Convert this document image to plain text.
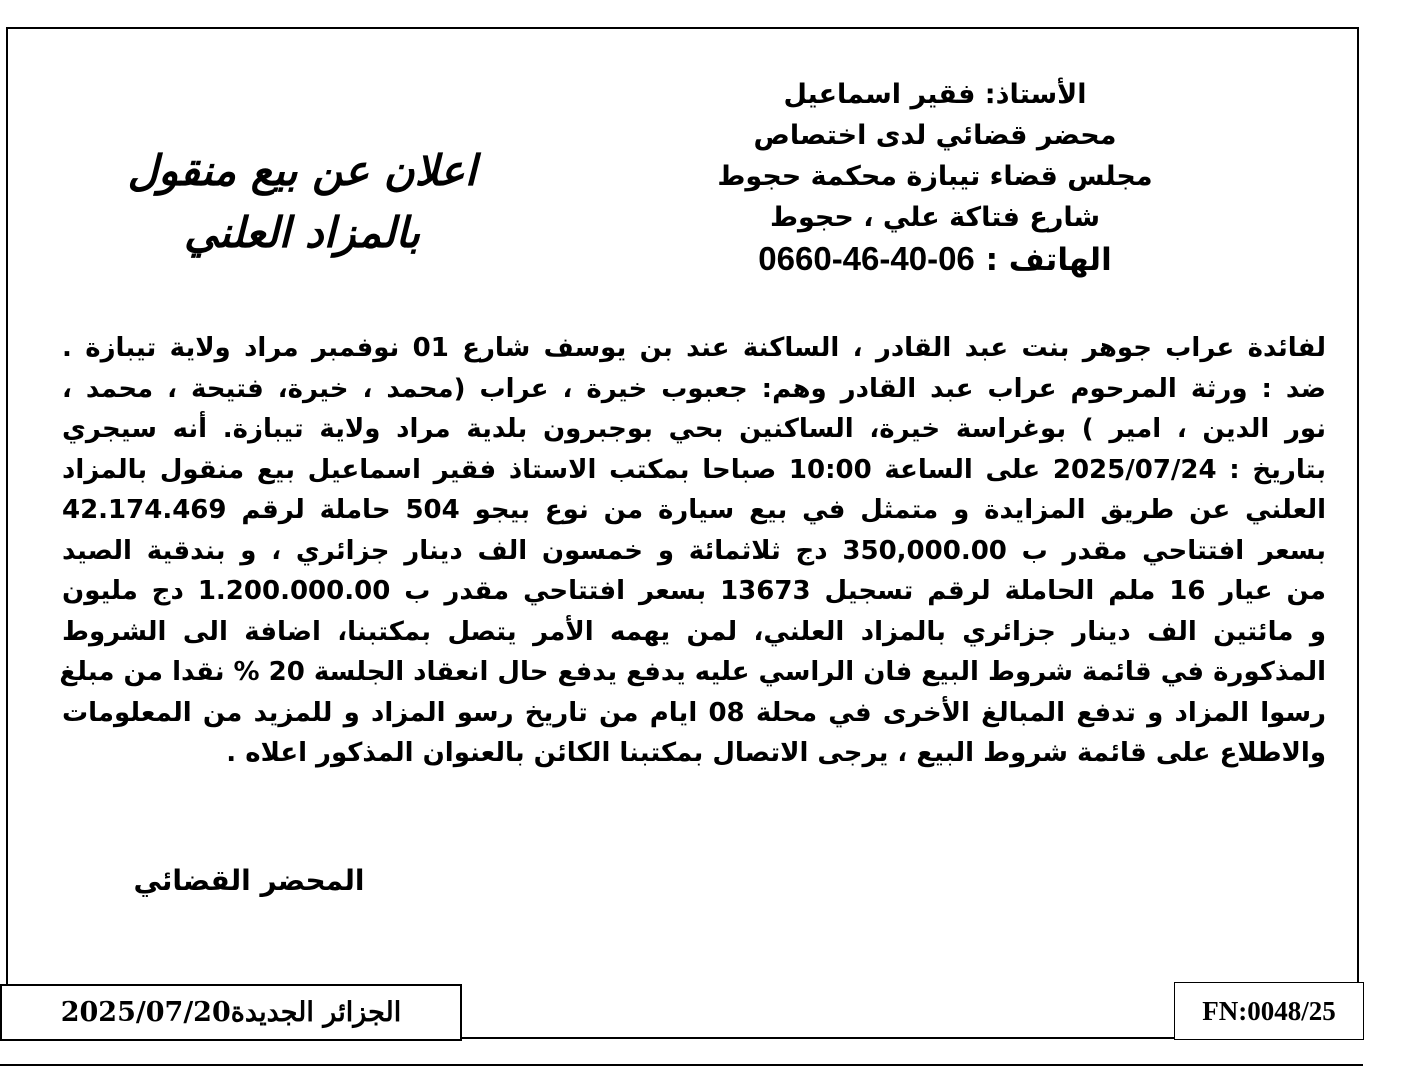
الأستاذ: فقير اسماعيل
محضر قضائي لدى اختصاص
مجلس قضاء تيبازة محكمة حجوط
شارع فتاكة علي ، حجوط
الهاتف : 0660-46-40-06
اعلان عن بيع منقول
بالمزاد العلني
لفائدة عراب جوهر بنت عبد القادر ، الساكنة عند بن يوسف شارع 01 نوفمبر مراد ولاية تيبازة .
ضد : ورثة المرحوم عراب عبد القادر وهم: جعبوب خيرة ، عراب (محمد ، خيرة، فتيحة ، محمد ،
نور الدين ، امير ) بوغراسة خيرة، الساكنين بحي بوجبرون بلدية مراد ولاية تيبازة. أنه سيجري
بتاريخ : 2025/07/24 على الساعة 10:00 صباحا بمكتب الاستاذ فقير اسماعيل بيع منقول بالمزاد
العلني عن طريق المزايدة و متمثل في بيع سيارة من نوع بيجو 504 حاملة لرقم 42.174.469
بسعر افتتاحي مقدر ب 350,000.00 دج ثلاثمائة و خمسون الف دينار جزائري ، و بندقية الصيد
من عيار 16 ملم الحاملة لرقم تسجيل 13673 بسعر افتتاحي مقدر ب 1.200.000.00 دج مليون
و مائتين الف دينار جزائري بالمزاد العلني، لمن يهمه الأمر يتصل بمكتبنا، اضافة الى الشروط
المذكورة في قائمة شروط البيع فان الراسي عليه يدفع يدفع حال انعقاد الجلسة 20 % نقدا من مبلغ
رسوا المزاد و تدفع المبالغ الأخرى في محلة 08 ايام من تاريخ رسو المزاد و للمزيد من المعلومات
والاطلاع على قائمة شروط البيع ، يرجى الاتصال بمكتبنا الكائن بالعنوان المذكور اعلاه .
المحضر القضائي
الجزائر الجديدة2025/07/20	FN:0048/25
